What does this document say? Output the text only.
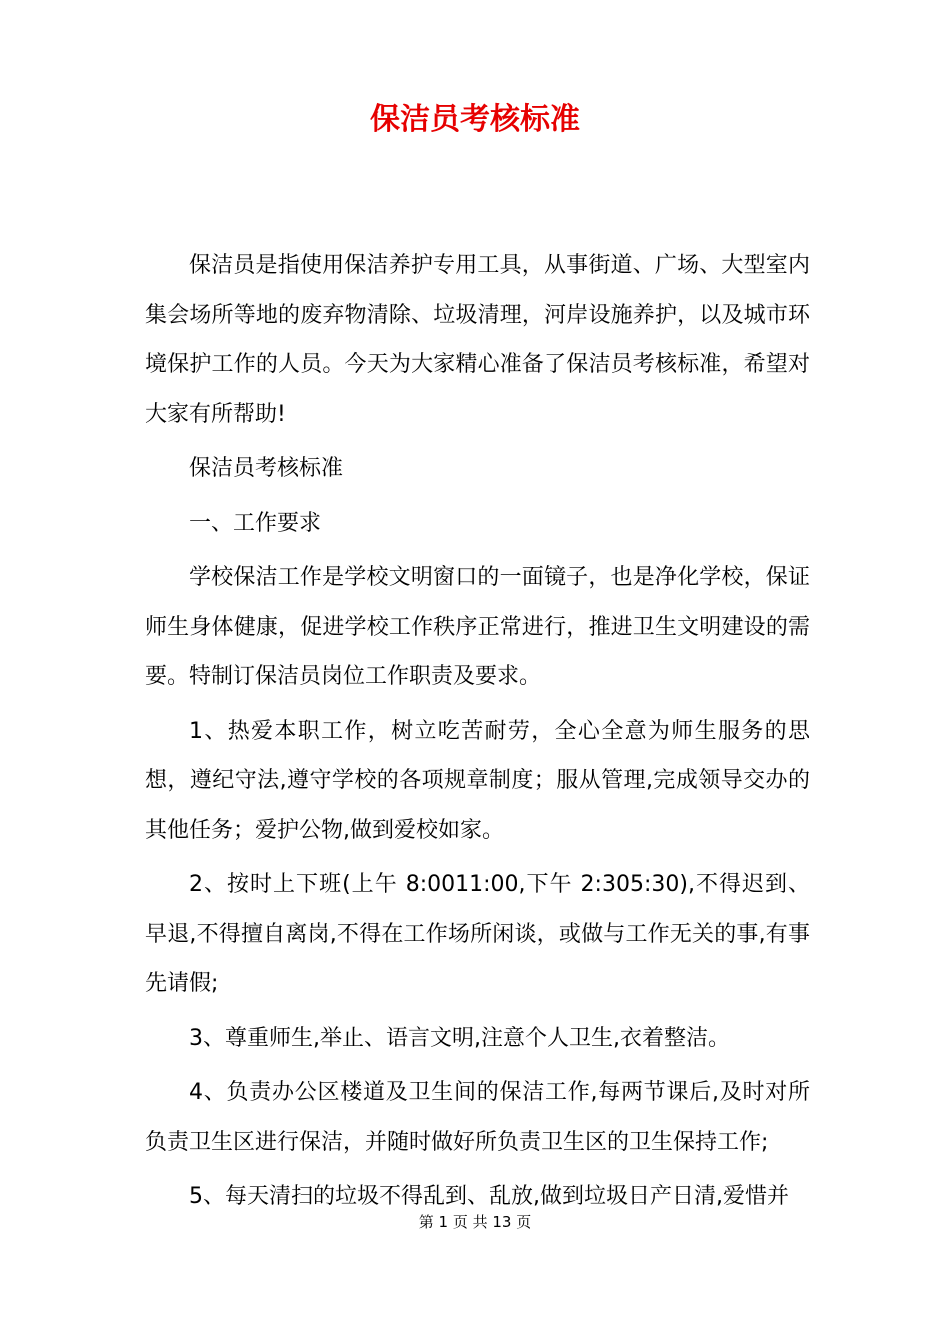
保洁员考核标准

保洁员是指使用保洁养护专用工具，从事街道、广场、大型室内集会场所等地的废弃物清除、垃圾清理，河岸设施养护，以及城市环境保护工作的人员。今天为大家精心准备了保洁员考核标准，希望对大家有所帮助!

保洁员考核标准

一、工作要求

学校保洁工作是学校文明窗口的一面镜子，也是净化学校，保证师生身体健康，促进学校工作秩序正常进行，推进卫生文明建设的需要。特制订保洁员岗位工作职责及要求。

1、热爱本职工作，树立吃苦耐劳，全心全意为师生服务的思想，遵纪守法,遵守学校的各项规章制度；服从管理,完成领导交办的其他任务；爱护公物,做到爱校如家。

2、按时上下班(上午 8:0011:00,下午 2:305:30),不得迟到、早退,不得擅自离岗,不得在工作场所闲谈，或做与工作无关的事,有事先请假;

3、尊重师生,举止、语言文明,注意个人卫生,衣着整洁。

4、负责办公区楼道及卫生间的保洁工作,每两节课后,及时对所负责卫生区进行保洁，并随时做好所负责卫生区的卫生保持工作;

5、每天清扫的垃圾不得乱到、乱放,做到垃圾日产日清,爱惜并

第 1 页 共 13 页
